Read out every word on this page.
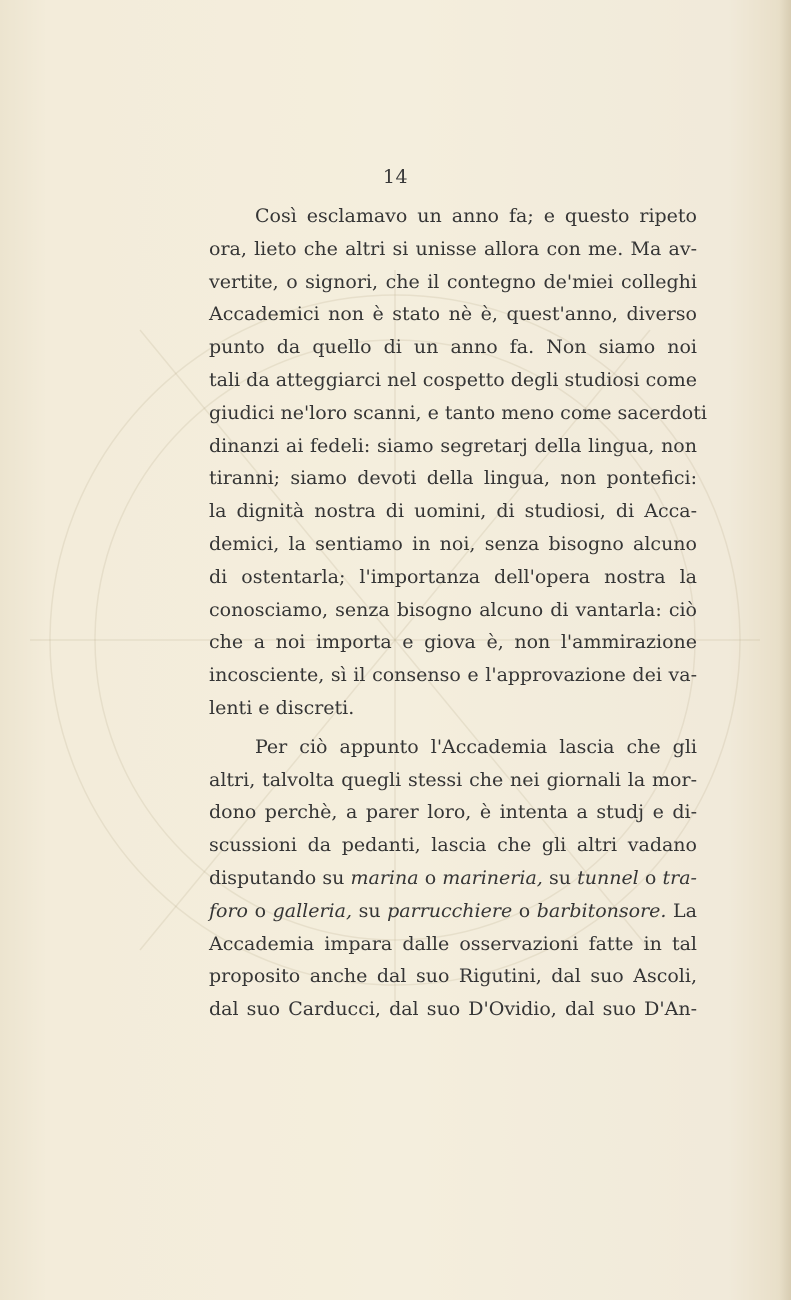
14
Così esclamavo un anno fa; e questo ripeto
ora, lieto che altri si unisse allora con me. Ma av-
vertite, o signori, che il contegno de'miei colleghi
Accademici non è stato nè è, quest'anno, diverso
punto da quello di un anno fa. Non siamo noi
tali da atteggiarci nel cospetto degli studiosi come
giudici ne'loro scanni, e tanto meno come sacerdoti
dinanzi ai fedeli: siamo segretarj della lingua, non
tiranni; siamo devoti della lingua, non pontefici:
la dignità nostra di uomini, di studiosi, di Acca-
demici, la sentiamo in noi, senza bisogno alcuno
di ostentarla; l'importanza dell'opera nostra la
conosciamo, senza bisogno alcuno di vantarla: ciò
che a noi importa e giova è, non l'ammirazione
incosciente, sì il consenso e l'approvazione dei va-
lenti e discreti.
Per ciò appunto l'Accademia lascia che gli
altri, talvolta quegli stessi che nei giornali la mor-
dono perchè, a parer loro, è intenta a studj e di-
scussioni da pedanti, lascia che gli altri vadano
disputando su marina o marineria, su tunnel o tra-
foro o galleria, su parrucchiere o barbitonsore. La
Accademia impara dalle osservazioni fatte in tal
proposito anche dal suo Rigutini, dal suo Ascoli,
dal suo Carducci, dal suo D'Ovidio, dal suo D'An-
